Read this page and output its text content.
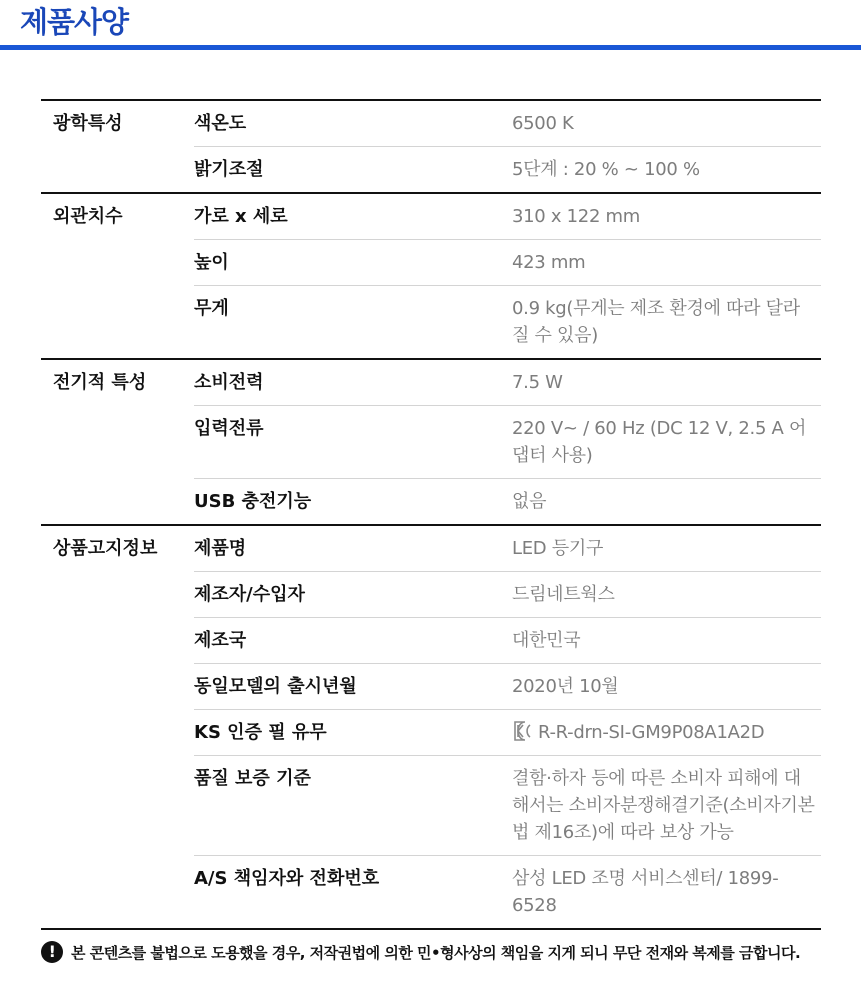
제품사양
광학특성	색온도	6500 K
	밝기조절	5단계 : 20 % ~ 100 %
외관치수	가로 x 세로	310 x 122 mm
	높이	423 mm
	무게	0.9 kg(무게는 제조 환경에 따라 달라 질 수 있음)
전기적 특성	소비전력	7.5 W
	입력전류	220 V~ / 60 Hz (DC 12 V, 2.5 A 어댑터 사용)
	USB 충전기능	없음
상품고지정보	제품명	LED 등기구
	제조자/수입자	드림네트웍스
	제조국	대한민국
	동일모델의 출시년월	2020년 10월
	KS 인증 필 유무	R-R-drn-SI-GM9P08A1A2D
	품질 보증 기준	결함·하자 등에 따른 소비자 피해에 대해서는 소비자분쟁해결기준(소비자기본법 제16조)에 따라 보상 가능
	A/S 책임자와 전화번호	삼성 LED 조명 서비스센터/ 1899-6528
!	본 콘텐츠를 불법으로 도용했을 경우, 저작권법에 의한 민•형사상의 책임을 지게 되니 무단 전재와 복제를 금합니다.
